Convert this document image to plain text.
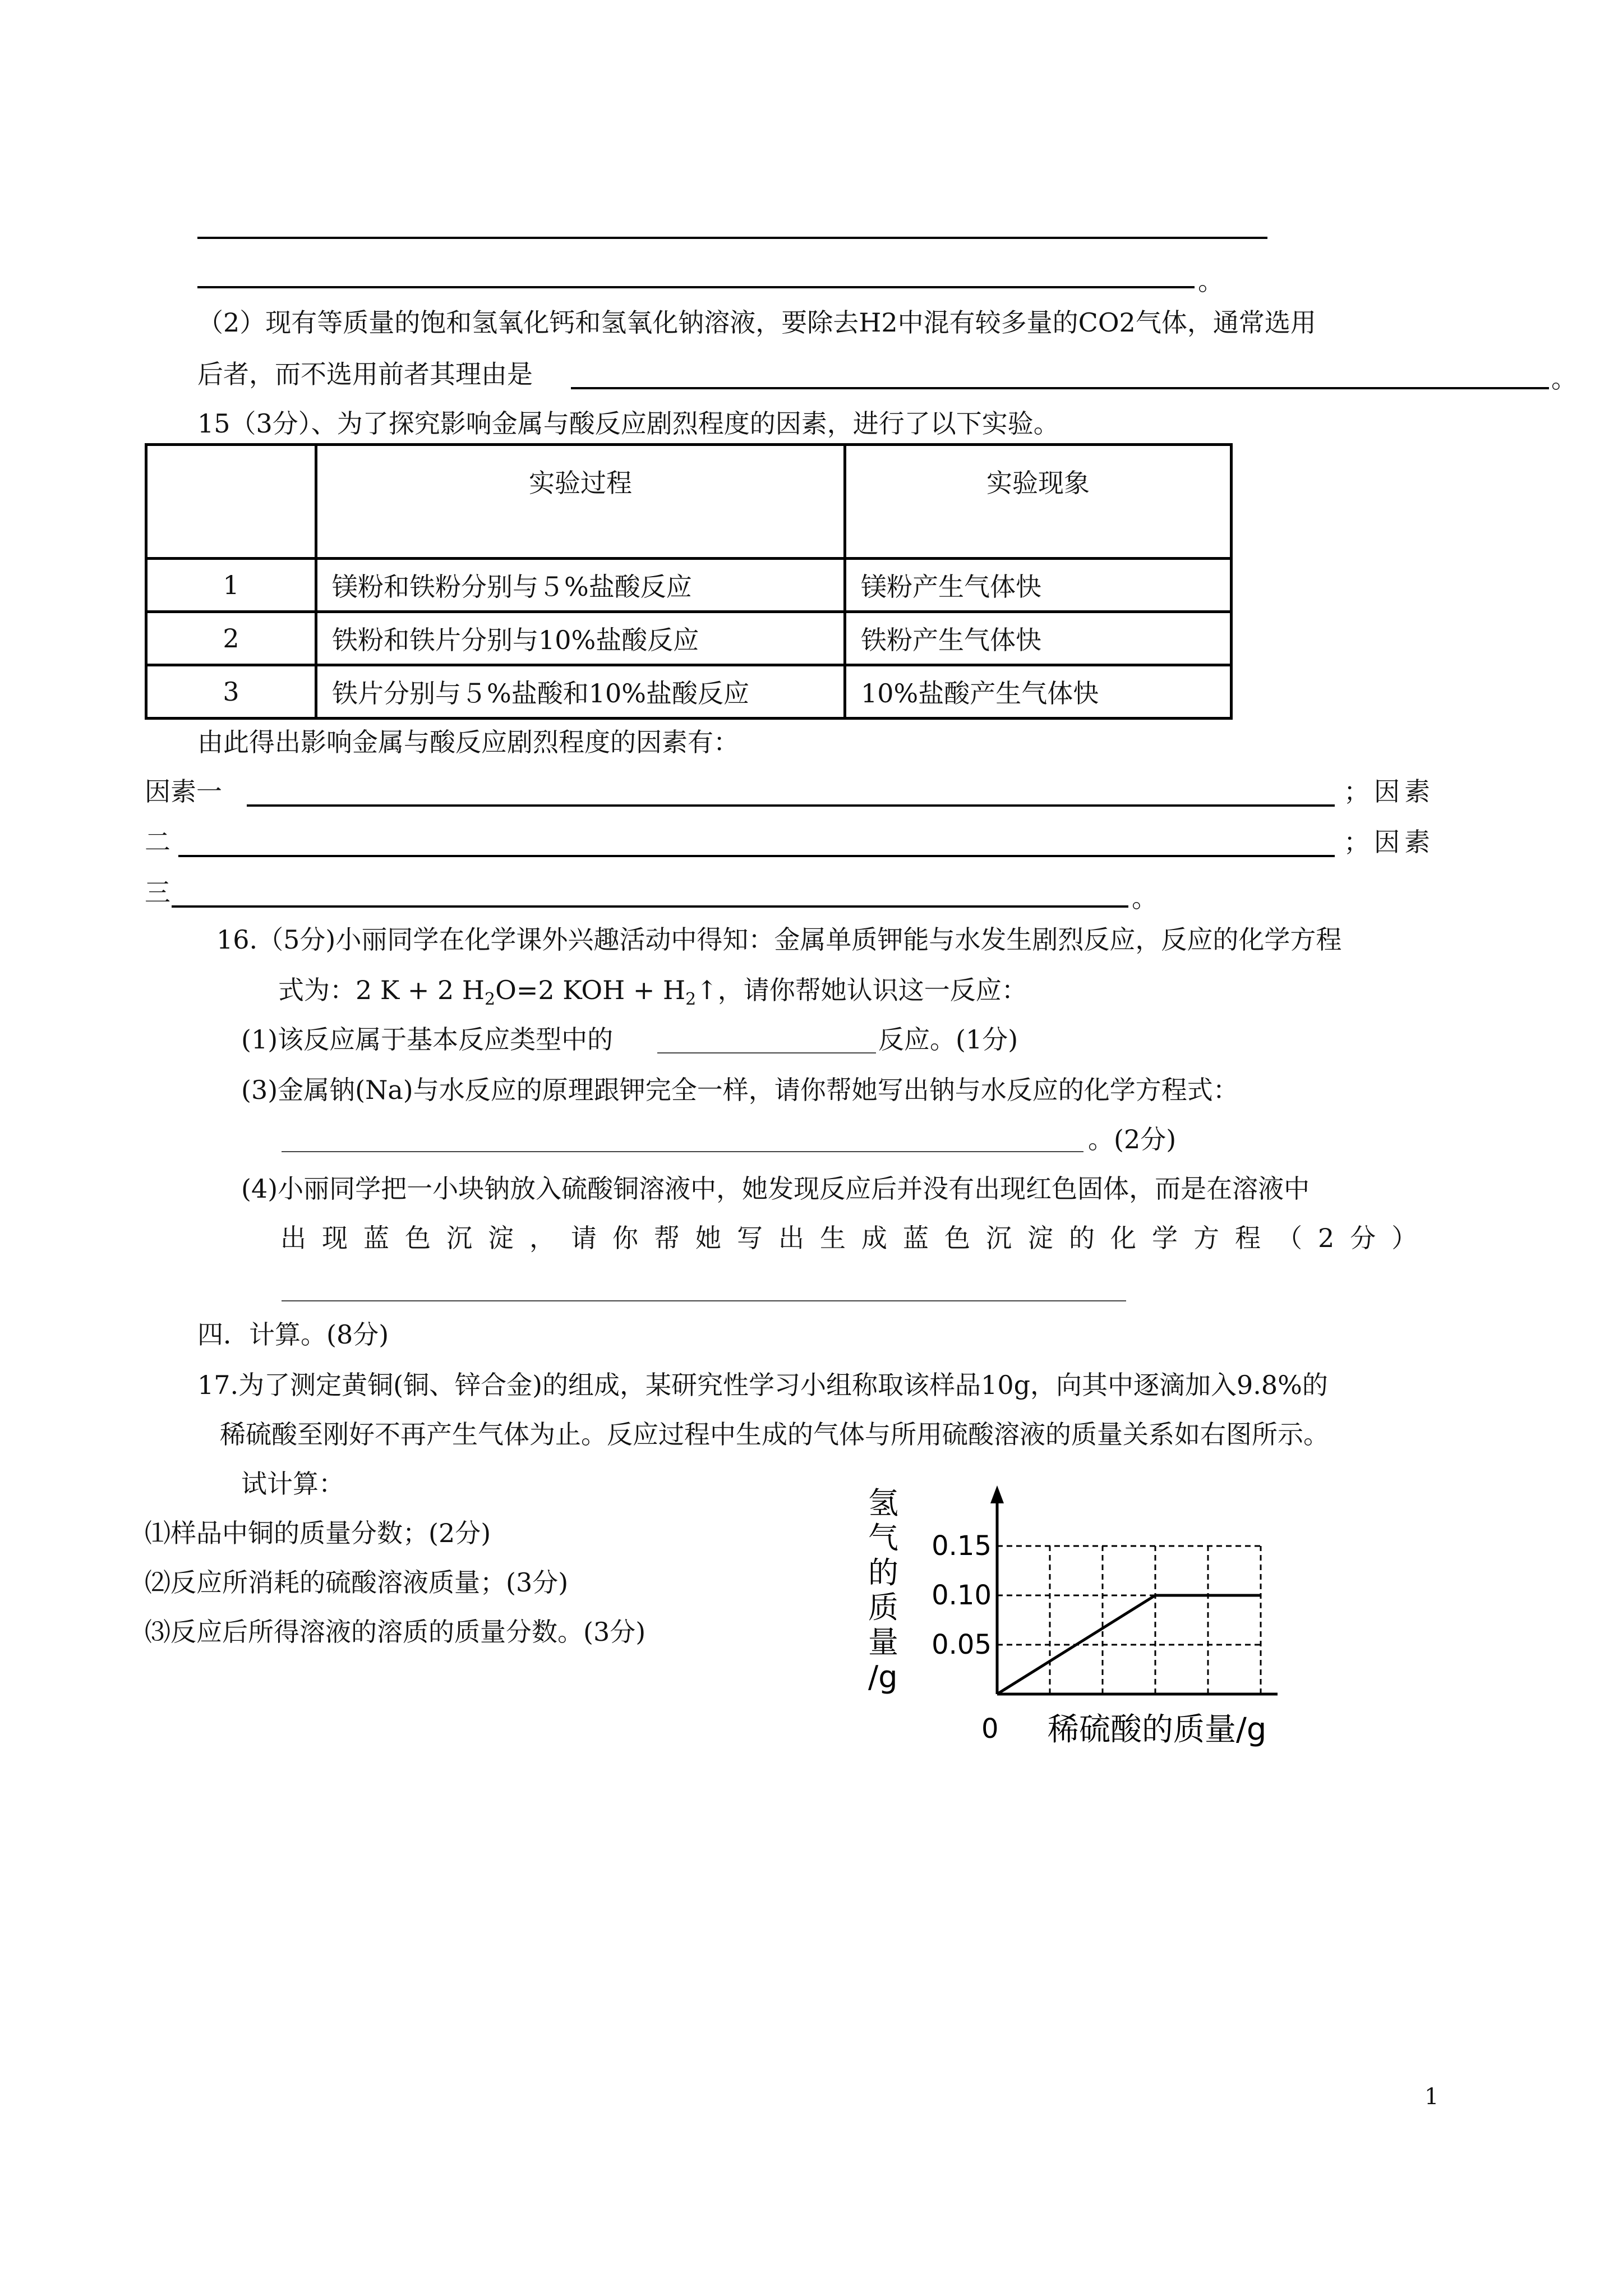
。
（2）现有等质量的饱和氢氧化钙和氢氧化钠溶液，要除去H2中混有较多量的CO2气体，通常选用
后者，而不选用前者其理由是	。
15（3分）、为了探究影响金属与酸反应剧烈程度的因素，进行了以下实验。
	实验过程	实验现象
1	镁粉和铁粉分别与５%盐酸反应	镁粉产生气体快
2	铁粉和铁片分别与10%盐酸反应	铁粉产生气体快
3	铁片分别与５%盐酸和10%盐酸反应	10%盐酸产生气体快
由此得出影响金属与酸反应剧烈程度的因素有：
因素一	；因素
二	；因素
三	。
16.（5分)小丽同学在化学课外兴趣活动中得知：金属单质钾能与水发生剧烈反应，反应的化学方程
式为：2 K + 2 $H_2O=2$ KOH + $H_2↑$，请你帮她认识这一反应：
(1)该反应属于基本反应类型中的	反应。(1分)
(3)金属钠(Na)与水反应的原理跟钾完全一样，请你帮她写出钠与水反应的化学方程式：
。(2分)
(4)小丽同学把一小块钠放入硫酸铜溶液中，她发现反应后并没有出现红色固体，而是在溶液中
出现蓝色沉淀，请你帮她写出生成蓝色沉淀的化学方程（2分）
四．计算。(8分)
17.为了测定黄铜(铜、锌合金)的组成，某研究性学习小组称取该样品10g，向其中逐滴加入9.8%的
稀硫酸至刚好不再产生气体为止。反应过程中生成的气体与所用硫酸溶液的质量关系如右图所示。
试计算：
⑴样品中铜的质量分数；(2分)
⑵反应所消耗的硫酸溶液质量；(3分)
⑶反应后所得溶液的溶质的质量分数。(3分)	0.05
0.10
0.15
0
氢
气
的
质
量
/g
稀硫酸的质量/g
1
